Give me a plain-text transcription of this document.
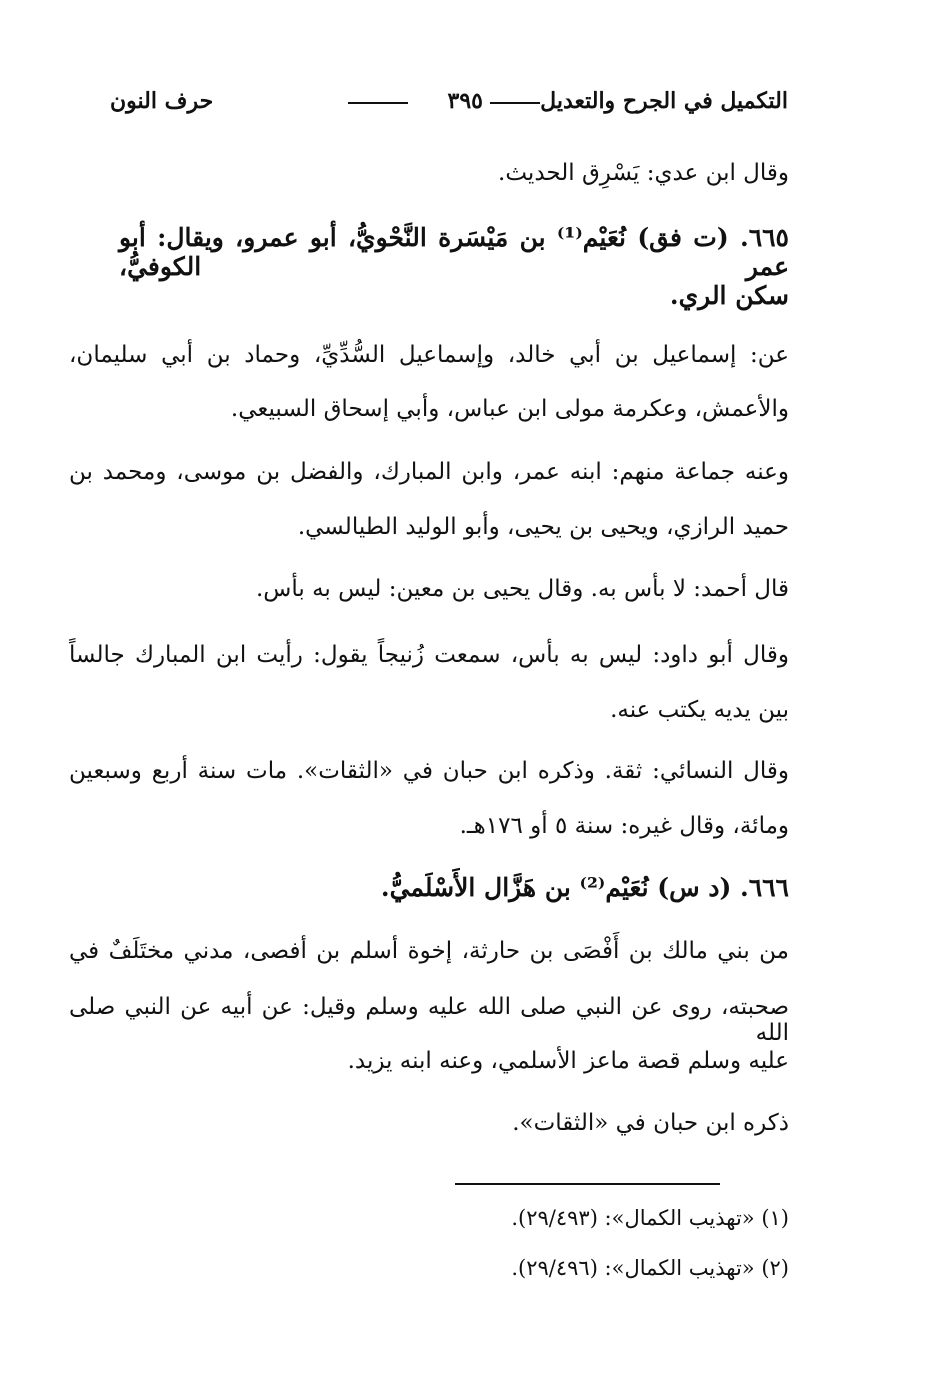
التكميل في الجرح والتعديل
٣٩٥
حرف النون
وقال ابن عدي: يَسْرِق الحديث.
٦٦٥. (ت فق) نُعَيْم⁽¹⁾ بن مَيْسَرة النَّحْويُّ، أبو عمرو، ويقال: أبو عمر الكوفيُّ،
سكن الري.
عن: إسماعيل بن أبي خالد، وإسماعيل السُّدِّيِّ، وحماد بن أبي سليمان،
والأعمش، وعكرمة مولى ابن عباس، وأبي إسحاق السبيعي.
وعنه جماعة منهم: ابنه عمر، وابن المبارك، والفضل بن موسى، ومحمد بن
حميد الرازي، ويحيى بن يحيى، وأبو الوليد الطيالسي.
قال أحمد: لا بأس به. وقال يحيى بن معين: ليس به بأس.
وقال أبو داود: ليس به بأس، سمعت زُنيجاً يقول: رأيت ابن المبارك جالساً
بين يديه يكتب عنه.
وقال النسائي: ثقة. وذكره ابن حبان في «الثقات». مات سنة أربع وسبعين
ومائة، وقال غيره: سنة ٥ أو ١٧٦هـ.
٦٦٦. (د س) نُعَيْم⁽²⁾ بن هَزَّال الأَسْلَميُّ.
من بني مالك بن أَفْصَى بن حارثة، إخوة أسلم بن أفصى، مدني مختَلَفٌ في
صحبته، روى عن النبي صلى الله عليه وسلم وقيل: عن أبيه عن النبي صلى الله
عليه وسلم قصة ماعز الأسلمي، وعنه ابنه يزيد.
ذكره ابن حبان في «الثقات».
(١) «تهذيب الكمال»: (٢٩/٤٩٣).
(٢) «تهذيب الكمال»: (٢٩/٤٩٦).
